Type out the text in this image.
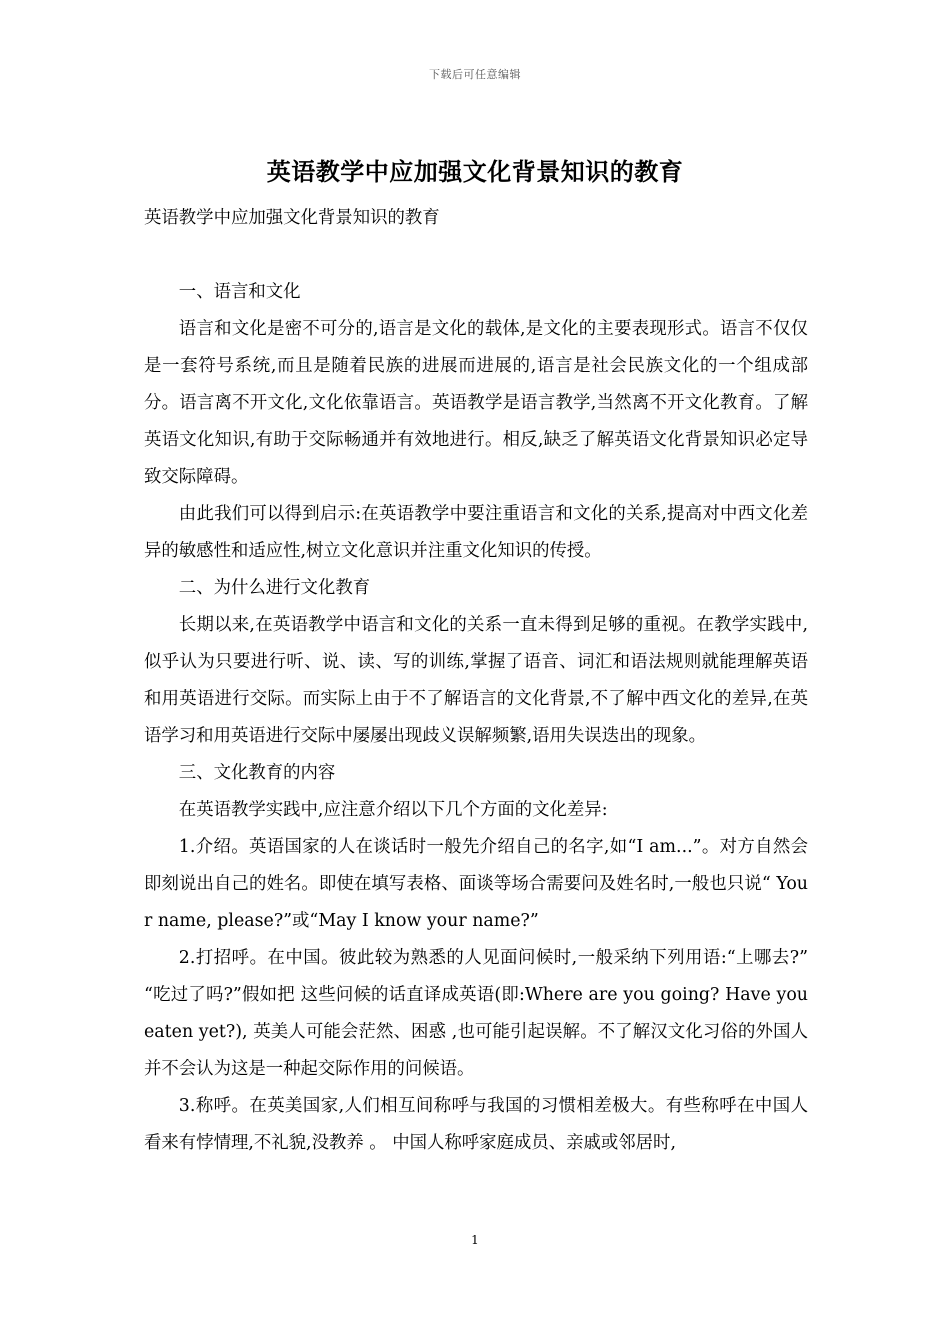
下载后可任意编辑
英语教学中应加强文化背景知识的教育

英语教学中应加强文化背景知识的教育

一、语言和文化

语言和文化是密不可分的,语言是文化的载体,是文化的主要表现形式。语言不仅仅是一套符号系统,而且是随着民族的进展而进展的,语言是社会民族文化的一个组成部分。语言离不开文化,文化依靠语言。英语教学是语言教学,当然离不开文化教育。了解英语文化知识,有助于交际畅通并有效地进行。相反,缺乏了解英语文化背景知识必定导致交际障碍。

由此我们可以得到启示:在英语教学中要注重语言和文化的关系,提高对中西文化差异的敏感性和适应性,树立文化意识并注重文化知识的传授。

二、为什么进行文化教育

长期以来,在英语教学中语言和文化的关系一直未得到足够的重视。在教学实践中,似乎认为只要进行听、说、读、写的训练,掌握了语音、词汇和语法规则就能理解英语和用英语进行交际。而实际上由于不了解语言的文化背景,不了解中西文化的差异,在英语学习和用英语进行交际中屡屡出现歧义误解频繁,语用失误迭出的现象。

三、文化教育的内容

在英语教学实践中,应注意介绍以下几个方面的文化差异:

1.介绍。英语国家的人在谈话时一般先介绍自己的名字,如“I am...”。对方自然会即刻说出自己的姓名。即使在填写表格、面谈等场合需要问及姓名时,一般也只说“ Your name, please?”或“May I know your name?”

2.打招呼。在中国。彼此较为熟悉的人见面问候时,一般采纳下列用语:“上哪去?” “吃过了吗?”假如把 这些问候的话直译成英语(即:Where are you going? Have you eaten yet?), 英美人可能会茫然、困惑 ,也可能引起误解。不了解汉文化习俗的外国人并不会认为这是一种起交际作用的问候语。

3.称呼。在英美国家,人们相互间称呼与我国的习惯相差极大。有些称呼在中国人看来有悖情理,不礼貌,没教养 。 中国人称呼家庭成员、亲戚或邻居时,

1
